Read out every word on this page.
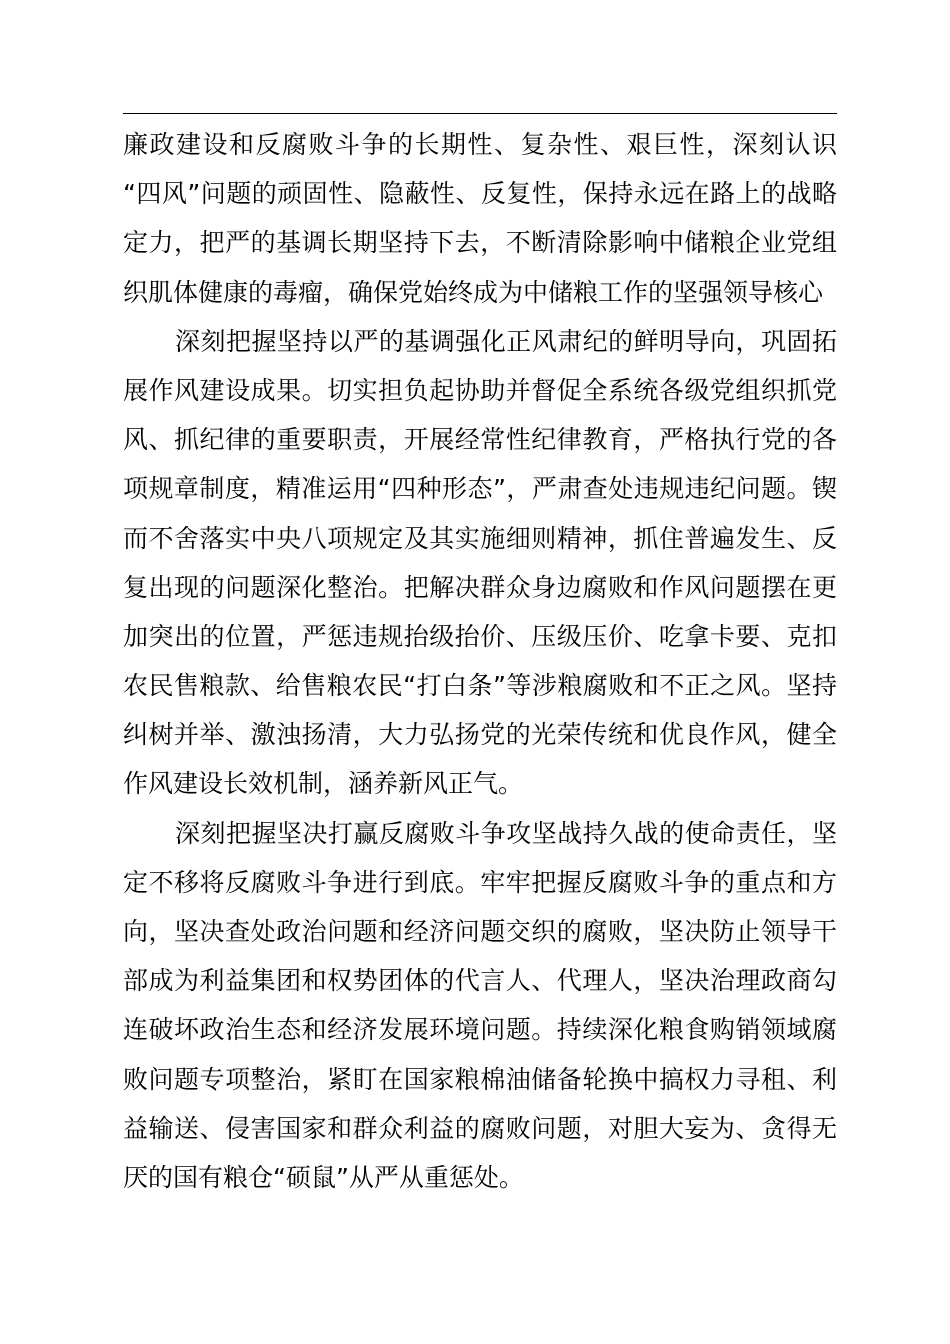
廉政建设和反腐败斗争的长期性、复杂性、艰巨性，深刻认识
“四风”问题的顽固性、隐蔽性、反复性，保持永远在路上的战略
定力，把严的基调长期坚持下去，不断清除影响中储粮企业党组
织肌体健康的毒瘤，确保党始终成为中储粮工作的坚强领导核心
深刻把握坚持以严的基调强化正风肃纪的鲜明导向，巩固拓
展作风建设成果。切实担负起协助并督促全系统各级党组织抓党
风、抓纪律的重要职责，开展经常性纪律教育，严格执行党的各
项规章制度，精准运用“四种形态”，严肃查处违规违纪问题。锲
而不舍落实中央八项规定及其实施细则精神，抓住普遍发生、反
复出现的问题深化整治。把解决群众身边腐败和作风问题摆在更
加突出的位置，严惩违规抬级抬价、压级压价、吃拿卡要、克扣
农民售粮款、给售粮农民“打白条”等涉粮腐败和不正之风。坚持
纠树并举、激浊扬清，大力弘扬党的光荣传统和优良作风，健全
作风建设长效机制，涵养新风正气。
深刻把握坚决打赢反腐败斗争攻坚战持久战的使命责任，坚
定不移将反腐败斗争进行到底。牢牢把握反腐败斗争的重点和方
向，坚决查处政治问题和经济问题交织的腐败，坚决防止领导干
部成为利益集团和权势团体的代言人、代理人，坚决治理政商勾
连破坏政治生态和经济发展环境问题。持续深化粮食购销领域腐
败问题专项整治，紧盯在国家粮棉油储备轮换中搞权力寻租、利
益输送、侵害国家和群众利益的腐败问题，对胆大妄为、贪得无
厌的国有粮仓“硕鼠”从严从重惩处。
